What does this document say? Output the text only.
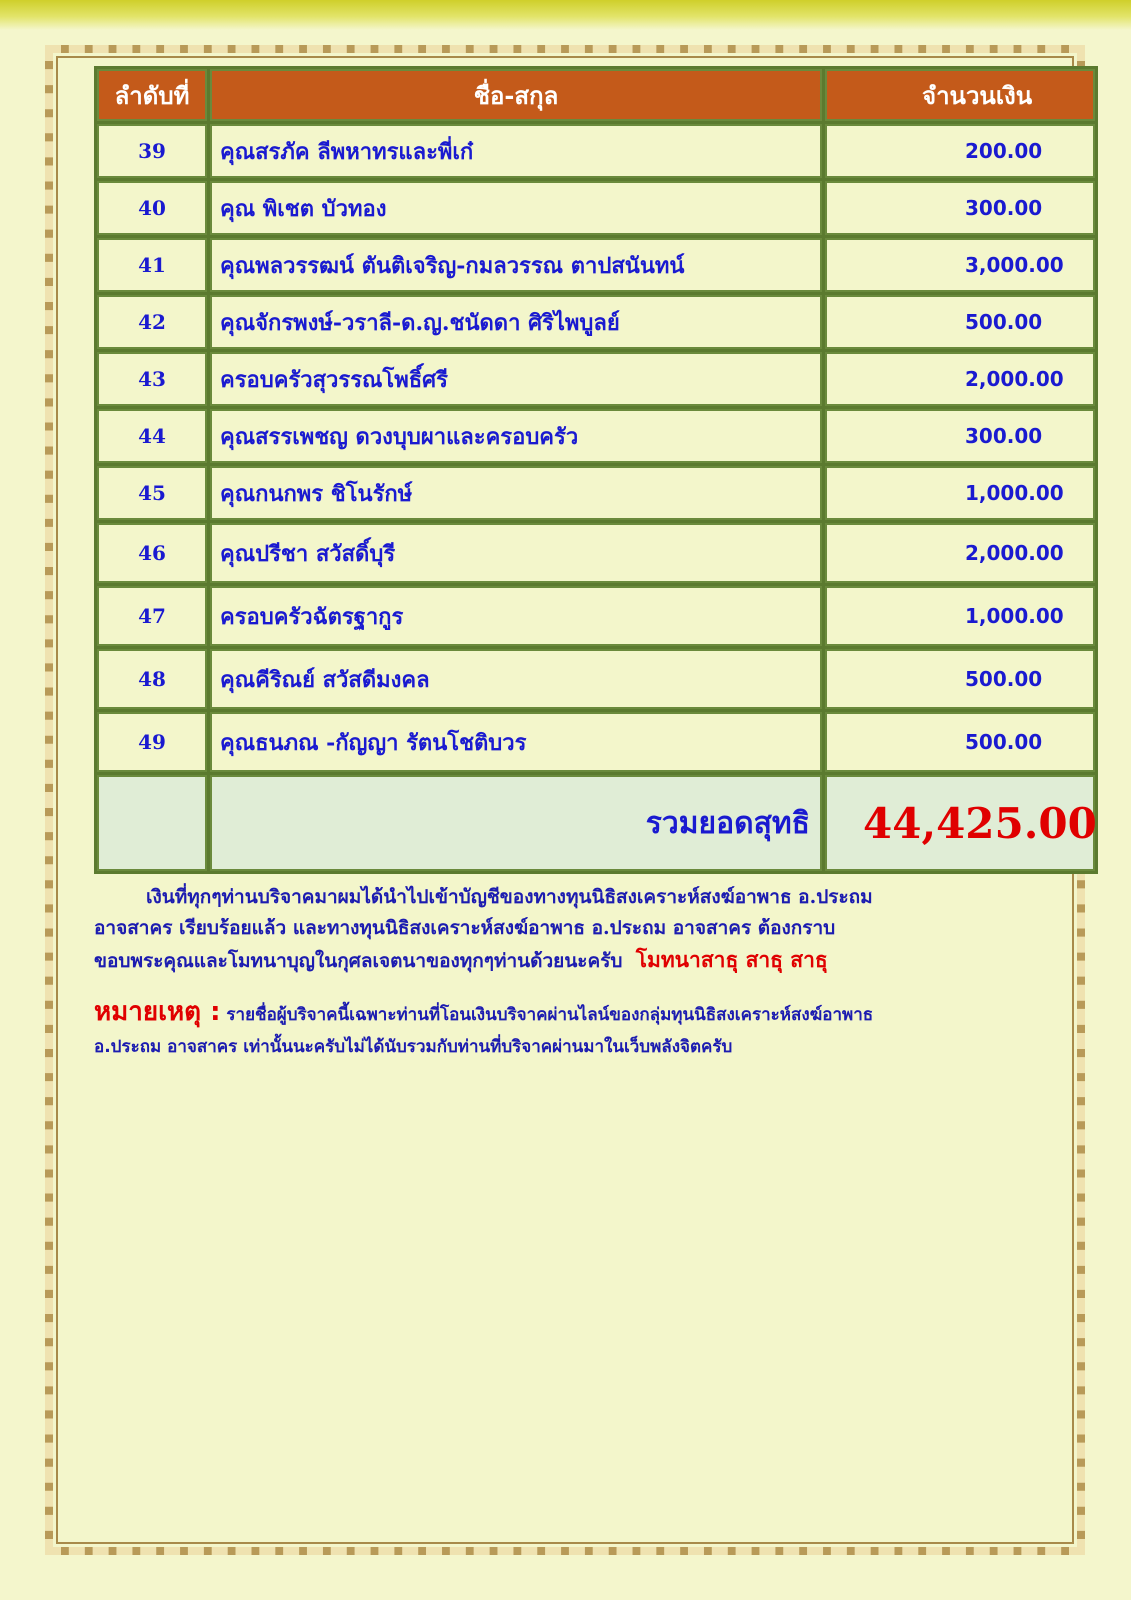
ลำดับที่	ชื่อ-สกุล	จำนวนเงิน
39	คุณสรภัค ลีพหาทรและพี่เก๋	200.00
40	คุณ พิเชต บัวทอง	300.00
41	คุณพลวรรฒน์ ตันติเจริญ-กมลวรรณ ตาปสนันทน์	3,000.00
42	คุณจักรพงษ์-วราลี-ด.ญ.ชนัดดา ศิริไพบูลย์	500.00
43	ครอบครัวสุวรรณโพธิ์ศรี	2,000.00
44	คุณสรรเพชญ ดวงบุบผาและครอบครัว	300.00
45	คุณกนกพร ชิโนรักษ์	1,000.00
46	คุณปรีชา สวัสดิ์บุรี	2,000.00
47	ครอบครัวฉัตรฐากูร	1,000.00
48	คุณคีริณย์ สวัสดีมงคล	500.00
49	คุณธนภณ -กัญญา รัตนโชติบวร	500.00
	รวมยอดสุทธิ	44,425.00
เงินที่ทุกๆท่านบริจาคมาผมได้นำไปเข้าบัญชีของทางทุนนิธิสงเคราะห์สงฆ์อาพาธ อ.ประถม
อาจสาคร เรียบร้อยแล้ว และทางทุนนิธิสงเคราะห์สงฆ์อาพาธ อ.ประถม อาจสาคร ต้องกราบ
ขอบพระคุณและโมทนาบุญในกุศลเจตนาของทุกๆท่านด้วยนะครับ โมทนาสาธุ สาธุ สาธุ
หมายเหตุ : รายชื่อผู้บริจาคนี้เฉพาะท่านที่โอนเงินบริจาคผ่านไลน์ของกลุ่มทุนนิธิสงเคราะห์สงฆ์อาพาธ
อ.ประถม อาจสาคร เท่านั้นนะครับไม่ได้นับรวมกับท่านที่บริจาคผ่านมาในเว็บพลังจิตครับ
